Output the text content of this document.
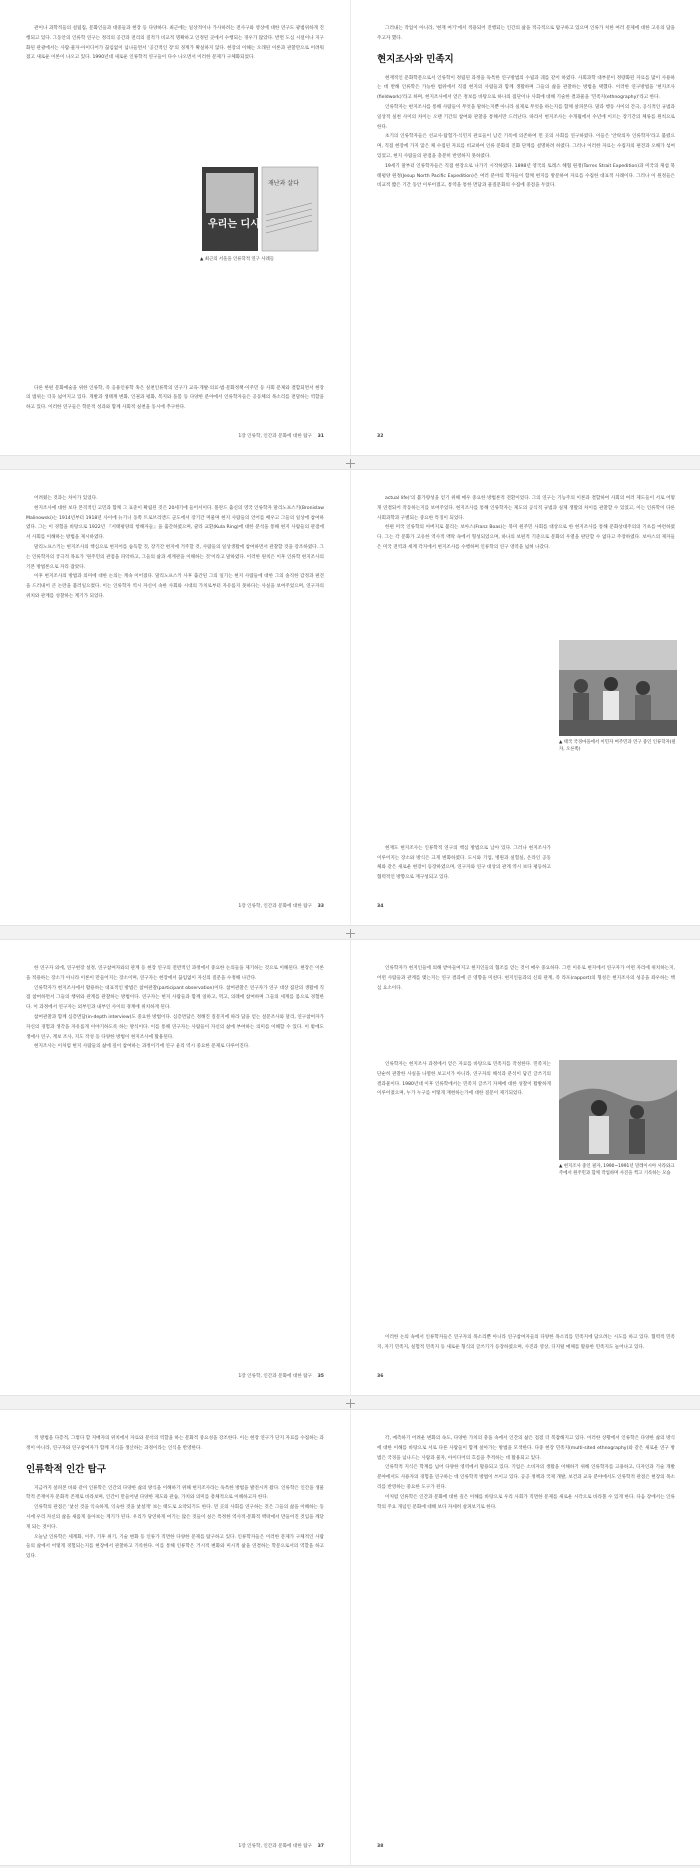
관이나 과학적들의 설립집, 문화인들과 대중들과 현장 등 다양하다. 최근에는 일상적이나 가사하려는 전사구와 영상에 대한 연구도 광범위하게 진행되고 있다. 그동안의 인류학 연구는 정리의 공간과 전리의 질적가 비교적 명확하고 인정된 곳에서 수행되는 경우가 많았다. 반면 도심 시설이나 지구화된 관광에서는 사람·물자·아이디어가 끊임없이 넘나들면서 '공간적인 장'의 경계가 확실하지 않다. 현장의 이해는 오래된 이론과 관찰만으로 어려워졌고 새로운 이론이 나오고 있다. 1990년대 새로운 인류학적 연구들이 다수 나오면서 이러한 문제가 구체화되었다.

다른 한편 문화예술을 위한 인류학, 즉 응용인류학 혹은 실천인류학의 연구가 교육·개발·의료·법·문화정책·이주민 등 사회 문제와 결합되면서 현장의 범위는 더욱 넓어지고 있다. 개발과 생태계 변화, 인권과 평화, 복지와 돌봄 등 다양한 분야에서 인류학자들은 공동체의 목소리를 전달하는 역할을 하고 있다. 이러한 연구들은 학문적 성과와 함께 사회적 실천을 동시에 추구한다.

우리는 디시
재난과 살다
▲ 최근의 서울을 인류학적 연구 사례들
1장 인류학, 인간과 문화에 대한 탐구 31

그러내는 작업이 아니라, '현재 여기'에서 적용되어 진행되는 인간의 삶을 적극적으로 탐구하고 있으며 인류가 처한 여러 문제에 대한 고유의 답을 주고자 했다.

현지조사와 민족지

현재적인 문화학문으로서 인류학이 정립된 과정을 독특한 연구방법의 수립과 궤를 같이 하였다. 사회과학 대부분이 정량화된 자료를 많이 사용하는 데 반해 인류학은 가능한 범위에서 직접 현지의 사람들과 함께 생활하며 그들의 삶을 관찰하는 방법을 택했다. 이러한 연구방법을 '현지조사(fieldwork)'라고 하며, 현지조사에서 얻은 정보를 바탕으로 하나의 집단이나 사회에 대해 기술한 결과물을 '민족지(ethnography)'라고 한다.

인류학자는 현지조사를 통해 사람들이 무엇을 말하는지뿐 아니라 실제로 무엇을 하는지를 함께 살펴본다. 말과 행동 사이의 간극, 공식적인 규범과 일상적 실천 사이의 차이는 오랜 기간의 참여와 관찰을 통해서만 드러난다. 따라서 현지조사는 수개월에서 수년에 이르는 장기간의 체류를 원칙으로 한다.

초기의 인류학자들은 선교사·탐험가·식민지 관료들이 남긴 기록에 의존하여 먼 곳의 사회를 연구하였다. 이들은 '안락의자 인류학자'라고 불렸으며, 직접 현장에 가지 않은 채 수집된 자료를 비교하여 인류 문화의 진화 단계를 설명하려 하였다. 그러나 이러한 자료는 수집자의 편견과 오해가 섞여 있었고, 현지 사람들의 관점을 충분히 반영하지 못하였다.

19세기 말부터 인류학자들은 직접 현장으로 나가기 시작하였다. 1898년 영국의 토레스 해협 원정(Torres Strait Expedition)과 미국의 제섭 북태평양 원정(Jesup North Pacific Expedition)은 여러 분야의 학자들이 함께 현지를 방문하여 자료를 수집한 대표적 사례이다. 그러나 이 원정들은 비교적 짧은 기간 동안 이루어졌고, 통역을 통한 면담과 물질문화의 수집에 중점을 두었다.

32

어려웠는 것과는 차이가 있었다.

현지조사에 대한 보다 본격적인 고민과 함께 그 표준이 확립된 것은 20세기에 들어서이다. 폴란드 출신의 영국 인류학자 말리노프스키(Bronislaw Malinowski)는 1914년부터 1918년 사이에 뉴기니 동쪽 트로브리앤드 군도에서 장기간 머물며 현지 사람들의 언어를 배우고 그들의 일상에 참여하였다. 그는 이 경험을 바탕으로 1922년 『서태평양의 항해자들』을 출간하였으며, 쿨라 교환(Kula Ring)에 대한 분석을 통해 현지 사람들의 관점에서 사회를 이해하는 방법을 제시하였다.

말리노프스키는 현지조사의 핵심으로 현지어를 습득할 것, 장기간 현지에 거주할 것, 사람들의 일상생활에 참여하면서 관찰할 것을 강조하였다. 그는 인류학자의 궁극적 목표가 '원주민의 관점을 파악하고, 그들의 삶과 세계관을 이해하는 것'이라고 말하였다. 이러한 원칙은 이후 인류학 현지조사의 기본 방법론으로 자리 잡았다.

이후 현지조사의 방법과 의미에 대한 논의는 계속 이어졌다. 말리노프스키 사후 출간된 그의 일기는 현지 사람들에 대한 그의 솔직한 감정과 편견을 드러내어 큰 논란을 불러일으켰다. 이는 인류학자 역시 자신이 속한 사회와 시대의 가치로부터 자유롭지 못하다는 사실을 보여주었으며, 연구자의 위치와 관계를 성찰하는 계기가 되었다.

1장 인류학, 인간과 문화에 대한 탐구 33

actual life)'의 불가량성을 얻기 위해 매우 중요한 방법론적 전환이었다. 그의 연구는 기능주의 이론과 결합하여 사회의 여러 제도들이 서로 어떻게 연결되어 작동하는지를 보여주었다. 현지조사를 통해 인류학자는 제도의 공식적 규범과 실제 생활의 차이를 관찰할 수 있었고, 이는 인류학이 다른 사회과학과 구별되는 중요한 특징이 되었다.

한편 미국 인류학의 아버지로 불리는 보아스(Franz Boas)는 북미 원주민 사회를 대상으로 한 현지조사를 통해 문화상대주의의 기초를 마련하였다. 그는 각 문화가 고유한 역사적 맥락 속에서 형성되었으며, 하나의 보편적 기준으로 문화의 우열을 판단할 수 없다고 주장하였다. 보아스의 제자들은 미국 전역과 세계 각지에서 현지조사를 수행하며 인류학의 연구 영역을 넓혀 나갔다.

현재도 현지조사는 인류학적 연구의 핵심 방법으로 남아 있다. 그러나 현지조사가 이루어지는 장소와 방식은 크게 변화하였다. 도시와 기업, 병원과 실험실, 온라인 공동체와 같은 새로운 현장이 등장하였으며, 연구자와 연구 대상의 관계 역시 보다 평등하고 협력적인 방향으로 재구성되고 있다.

▲ 태국 국경마을에서 이민자 여주민과 연구 중인 인류학자(필자, 오른쪽)
34

한 연구자 외에, 연구현장 설정, 연구참여자와의 관계 등 현장 연구의 전반적인 과정에서 중요한 논의들을 제기하는 것으로 이해된다. 현장은 이론을 적용하는 장소가 아니라 이론이 만들어지는 장소이며, 연구자는 현장에서 끊임없이 자신의 질문을 수정해 나간다.

인류학자가 현지조사에서 활용하는 대표적인 방법은 참여관찰(participant observation)이다. 참여관찰은 연구자가 연구 대상 집단의 생활에 직접 참여하면서 그들의 행위와 관계를 관찰하는 방법이다. 연구자는 현지 사람들과 함께 일하고, 먹고, 의례에 참여하며 그들의 세계를 몸으로 경험한다. 이 과정에서 연구자는 외부인과 내부인 사이의 경계에 위치하게 된다.

참여관찰과 함께 심층면담(in-depth interview)도 중요한 방법이다. 심층면담은 정해진 질문지에 따라 답을 얻는 설문조사와 달리, 연구참여자가 자신의 경험과 생각을 자유롭게 이야기하도록 하는 방식이다. 이를 통해 연구자는 사람들이 자신의 삶에 부여하는 의미를 이해할 수 있다. 이 밖에도 생애사 연구, 계보 조사, 지도 작성 등 다양한 방법이 현지조사에 활용된다.

현지조사는 이처럼 현지 사람들의 삶에 깊이 참여하는 과정이기에 연구 윤리 역시 중요한 문제로 다루어진다.

1장 인류학, 인간과 문화에 대한 탐구 35

인류학자가 현지인들에 의해 받아들여지고 현지인들의 협조를 얻는 것이 매우 중요하다. 그런 이유로 현지에서 연구자가 어떤 자리에 위치하는지, 어떤 사람들과 관계를 맺는지는 연구 결과에 큰 영향을 미친다. 현지인들과의 신뢰 관계, 즉 라포(rapport)의 형성은 현지조사의 성공을 좌우하는 핵심 요소이다.

인류학자는 현지조사 과정에서 얻은 자료를 바탕으로 민족지를 작성한다. 민족지는 단순히 관찰한 사실을 나열한 보고서가 아니라, 연구자의 해석과 분석이 담긴 글쓰기의 결과물이다. 1980년대 이후 인류학에서는 민족지 글쓰기 자체에 대한 성찰이 활발하게 이루어졌으며, 누가 누구를 어떻게 재현하는가에 대한 질문이 제기되었다.

이러한 논의 속에서 인류학자들은 연구자의 목소리뿐 아니라 연구참여자들의 다양한 목소리를 민족지에 담으려는 시도를 하고 있다. 협력적 민족지, 자기 민족지, 실험적 민족지 등 새로운 형식의 글쓰기가 등장하였으며, 사진과 영상, 디지털 매체를 활용한 민족지도 늘어나고 있다.

▲ 현지조사 중인 필자, 1990~1991년 말레이시아 사라와크 주에서 원주민과 함께 작업하며 사진을 찍고 기록하는 모습
36

적 방법을 다층적, 그렇다 할 지배자의 위치에서 자료와 분석의 역할을 하는 문화적 중요성을 강조한다. 이는 현장 연구가 단지 자료를 수집하는 과정이 아니라, 연구자와 연구참여자가 함께 지식을 생산하는 과정이라는 인식을 반영한다.

인류학적 인간 탐구

지금까지 살펴본 바와 같이 인류학은 인간의 다양한 삶의 방식을 이해하기 위해 현지조사라는 독특한 방법을 발전시켜 왔다. 인류학은 인간을 생물학적 존재이자 문화적 존재로 바라보며, 인간이 만들어낸 다양한 제도와 관습, 가치와 의미를 총체적으로 이해하고자 한다.

인류학의 관점은 '낯선 것을 익숙하게, 익숙한 것을 낯설게' 보는 태도로 요약되기도 한다. 먼 곳의 사회를 연구하는 것은 그들의 삶을 이해하는 동시에 우리 자신의 삶을 새롭게 돌아보는 계기가 된다. 우리가 당연하게 여기는 많은 것들이 실은 특정한 역사적·문화적 맥락에서 만들어진 것임을 깨닫게 되는 것이다.

오늘날 인류학은 세계화, 이주, 기후 위기, 기술 변화 등 인류가 직면한 다양한 문제를 탐구하고 있다. 인류학자들은 이러한 문제가 구체적인 사람들의 삶에서 어떻게 경험되는지를 현장에서 관찰하고 기록한다. 이를 통해 인류학은 거시적 변화와 미시적 삶을 연결하는 학문으로서의 역할을 하고 있다.

1장 인류학, 인간과 문화에 대한 탐구 37

각, 예측하기 어려운 변화의 속도, 다양한 가치의 충돌 속에서 인간의 삶은 점점 더 복잡해지고 있다. 이러한 상황에서 인류학은 다양한 삶의 방식에 대한 이해를 바탕으로 서로 다른 사람들이 함께 살아가는 방법을 모색한다. 다중 현장 민족지(multi-sited ethnography)와 같은 새로운 연구 방법은 국경을 넘나드는 사람과 물자, 아이디어의 흐름을 추적하는 데 활용되고 있다.

인류학적 지식은 학계를 넘어 다양한 영역에서 활용되고 있다. 기업은 소비자의 생활을 이해하기 위해 인류학자를 고용하고, 디자인과 기술 개발 분야에서도 사용자의 경험을 연구하는 데 인류학적 방법이 쓰이고 있다. 공공 정책과 국제 개발, 보건과 교육 분야에서도 인류학적 관점은 현장의 목소리를 반영하는 중요한 도구가 된다.

이처럼 인류학은 인간과 문화에 대한 깊은 이해를 바탕으로 우리 사회가 직면한 문제를 새로운 시각으로 바라볼 수 있게 한다. 다음 장에서는 인류학의 주요 개념인 문화에 대해 보다 자세히 살펴보기로 한다.

38
